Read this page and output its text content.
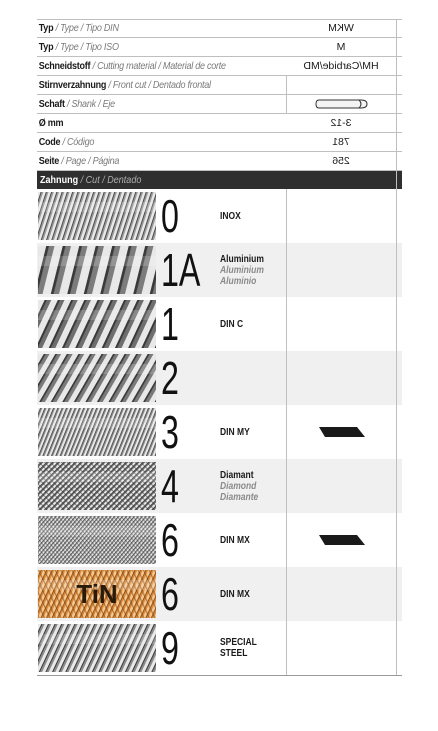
Typ / Type / Tipo DIN	WKM
Typ / Type / Tipo ISO	M
Schneidstoff / Cutting material / Material de corte	HM/Carbide/MD
Stirnverzahnung / Front cut / Dentado frontal
Schaft / Shank / Eje
Ø mm	3-12
Code / Código	781
Seite / Page / Página	256
Zahnung / Cut / Dentado
0	INOX
1A Aluminium
Aluminium
Aluminio
1	DIN C
2
3	DIN MY
4	Diamant
Diamond
Diamante
6	DIN MX
TiN 6	DIN MX
9	SPECIAL
STEEL
